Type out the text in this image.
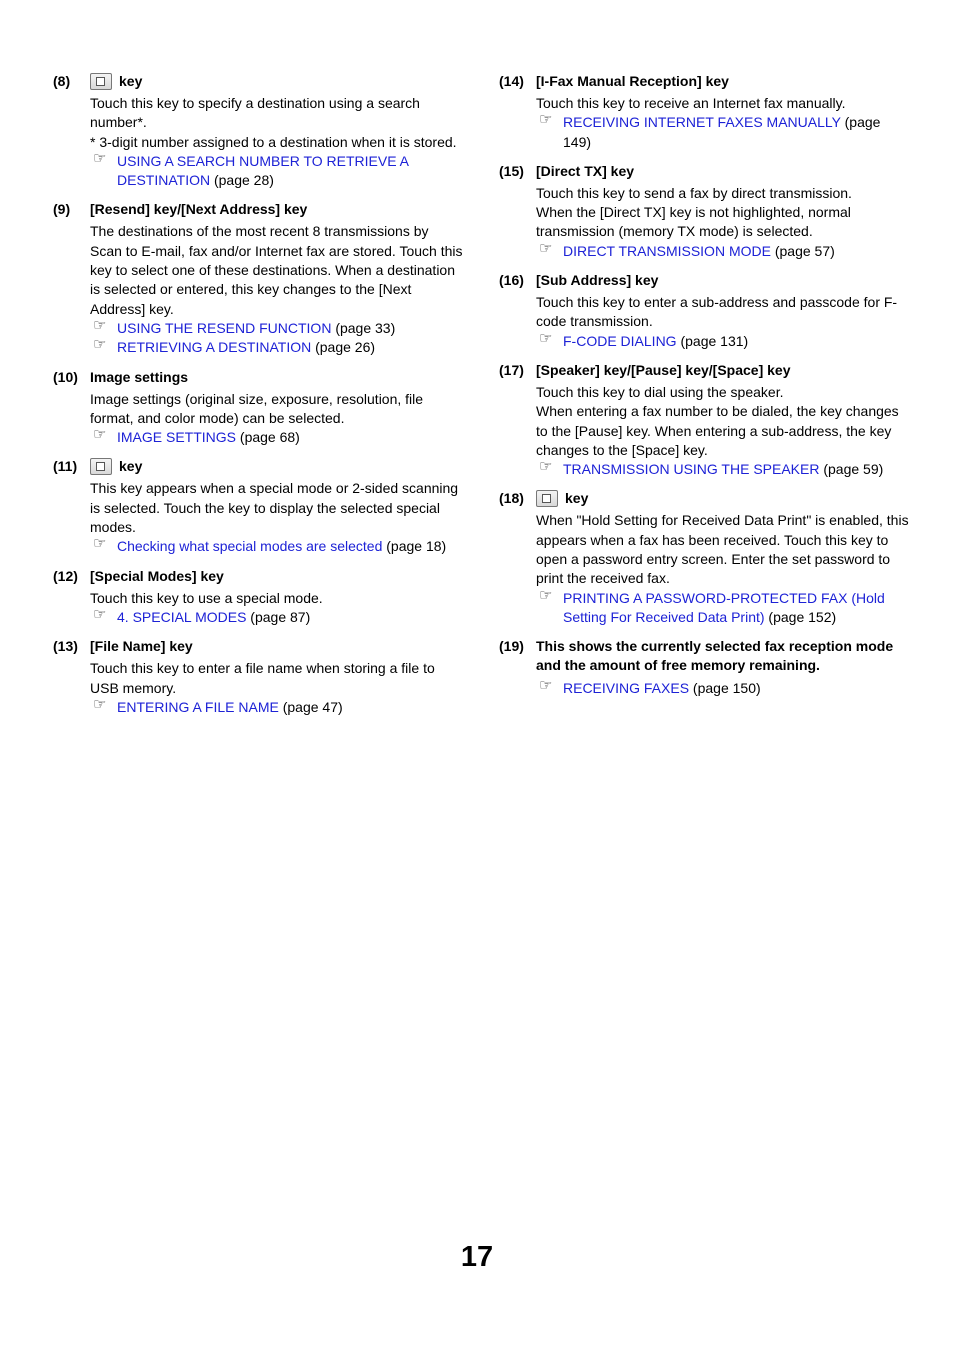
(8)	key

Touch this key to specify a destination using a search number*.

* 3-digit number assigned to a destination when it is stored.

☞ USING A SEARCH NUMBER TO RETRIEVE A DESTINATION (page 28)

(9)	[Resend] key/[Next Address] key

The destinations of the most recent 8 transmissions by Scan to E-mail, fax and/or Internet fax are stored. Touch this key to select one of these destinations. When a destination is selected or entered, this key changes to the [Next Address] key.

☞ USING THE RESEND FUNCTION (page 33)

☞ RETRIEVING A DESTINATION (page 26)

(10) Image settings

Image settings (original size, exposure, resolution, file format, and color mode) can be selected.

☞ IMAGE SETTINGS (page 68)

(11)	key

This key appears when a special mode or 2-sided scanning is selected. Touch the key to display the selected special modes.

☞ Checking what special modes are selected (page 18)

(12) [Special Modes] key

Touch this key to use a special mode.

☞ 4. SPECIAL MODES (page 87)

(13) [File Name] key

Touch this key to enter a file name when storing a file to USB memory.

☞ ENTERING A FILE NAME (page 47)

(14) [I-Fax Manual Reception] key

Touch this key to receive an Internet fax manually.

☞ RECEIVING INTERNET FAXES MANUALLY (page 149)

(15) [Direct TX] key

Touch this key to send a fax by direct transmission.

When the [Direct TX] key is not highlighted, normal transmission (memory TX mode) is selected.

☞ DIRECT TRANSMISSION MODE (page 57)

(16) [Sub Address] key

Touch this key to enter a sub-address and passcode for F-code transmission.

☞ F-CODE DIALING (page 131)

(17) [Speaker] key/[Pause] key/[Space] key

Touch this key to dial using the speaker.

When entering a fax number to be dialed, the key changes to the [Pause] key. When entering a sub-address, the key changes to the [Space] key.

☞ TRANSMISSION USING THE SPEAKER (page 59)

(18)	key

When "Hold Setting for Received Data Print" is enabled, this appears when a fax has been received. Touch this key to open a password entry screen. Enter the set password to print the received fax.

☞ PRINTING A PASSWORD-PROTECTED FAX (Hold Setting For Received Data Print) (page 152)

(19) This shows the currently selected fax reception mode and the amount of free memory remaining.

☞ RECEIVING FAXES (page 150)

17
